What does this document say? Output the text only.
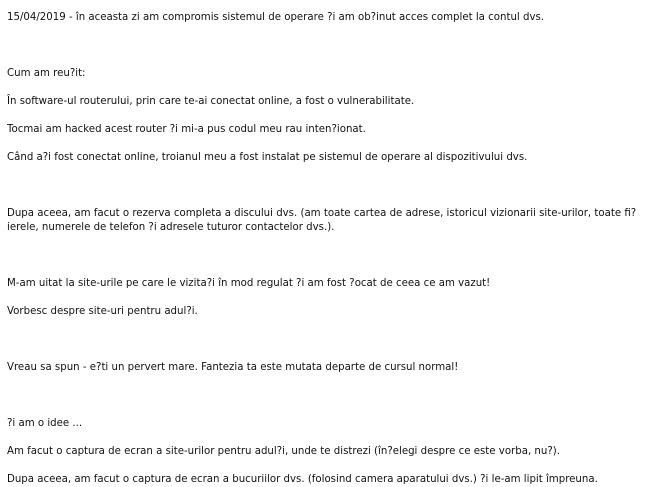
15/04/2019 - în aceasta zi am compromis sistemul de operare ?i am ob?inut acces complet la contul dvs.

Cum am reu?it:

În software-ul routerului, prin care te-ai conectat online, a fost o vulnerabilitate.

Tocmai am hacked acest router ?i mi-a pus codul meu rau inten?ionat.

Când a?i fost conectat online, troianul meu a fost instalat pe sistemul de operare al dispozitivului dvs.

Dupa aceea, am facut o rezerva completa a discului dvs. (am toate cartea de adrese, istoricul vizionarii site-urilor, toate fi?ierele, numerele de telefon ?i adresele tuturor contactelor dvs.).

M-am uitat la site-urile pe care le vizita?i în mod regulat ?i am fost ?ocat de ceea ce am vazut!

Vorbesc despre site-uri pentru adul?i.

Vreau sa spun - e?ti un pervert mare. Fantezia ta este mutata departe de cursul normal!

?i am o idee ...

Am facut o captura de ecran a site-urilor pentru adul?i, unde te distrezi (în?elegi despre ce este vorba, nu?).

Dupa aceea, am facut o captura de ecran a bucuriilor dvs. (folosind camera aparatului dvs.) ?i le-am lipit împreuna.
